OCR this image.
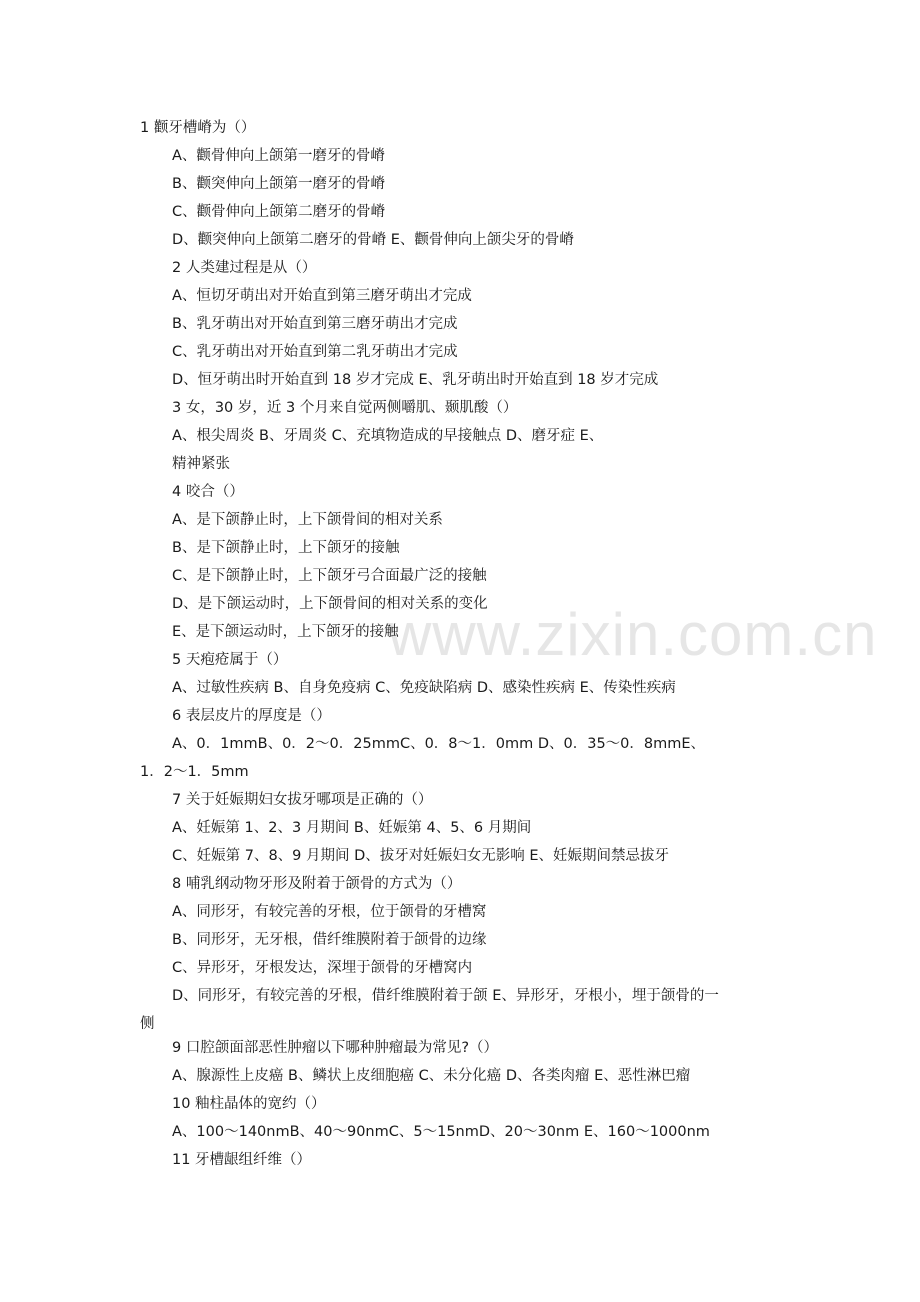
www.zixin.com.cn
1 颧牙槽嵴为（）
A、颧骨伸向上颌第一磨牙的骨嵴
B、颧突伸向上颌第一磨牙的骨嵴
C、颧骨伸向上颌第二磨牙的骨嵴
D、颧突伸向上颌第二磨牙的骨嵴 E、颧骨伸向上颌尖牙的骨嵴
2 人类建过程是从（）
A、恒切牙萌出对开始直到第三磨牙萌出才完成
B、乳牙萌出对开始直到第三磨牙萌出才完成
C、乳牙萌出对开始直到第二乳牙萌出才完成
D、恒牙萌出时开始直到 18 岁才完成 E、乳牙萌出时开始直到 18 岁才完成
3 女，30 岁，近 3 个月来自觉两侧嚼肌、颞肌酸（）
A、根尖周炎 B、牙周炎 C、充填物造成的早接触点 D、磨牙症 E、
精神紧张
4 咬合（）
A、是下颌静止时，上下颌骨间的相对关系
B、是下颌静止时，上下颌牙的接触
C、是下颌静止时，上下颌牙弓合面最广泛的接触
D、是下颌运动时，上下颌骨间的相对关系的变化
E、是下颌运动时，上下颌牙的接触
5 天疱疮属于（）
A、过敏性疾病 B、自身免疫病 C、免疫缺陷病 D、感染性疾病 E、传染性疾病
6 表层皮片的厚度是（）
A、0．1mmB、0．2～0．25mmC、0．8～1．0mm D、0．35～0．8mmE、
1．2～1．5mm
7 关于妊娠期妇女拔牙哪项是正确的（）
A、妊娠第 1、2、3 月期间 B、妊娠第 4、5、6 月期间
C、妊娠第 7、8、9 月期间 D、拔牙对妊娠妇女无影响 E、妊娠期间禁忌拔牙
8 哺乳纲动物牙形及附着于颌骨的方式为（）
A、同形牙，有较完善的牙根，位于颌骨的牙槽窝
B、同形牙，无牙根，借纤维膜附着于颌骨的边缘
C、异形牙，牙根发达，深埋于颌骨的牙槽窝内
D、同形牙，有较完善的牙根，借纤维膜附着于颌 E、异形牙，牙根小，埋于颌骨的一
侧
9 口腔颌面部恶性肿瘤以下哪种肿瘤最为常见?（）
A、腺源性上皮癌 B、鳞状上皮细胞癌 C、未分化癌 D、各类肉瘤 E、恶性淋巴瘤
10 釉柱晶体的宽约（）
A、100～140nmB、40～90nmC、5～15nmD、20～30nm E、160～1000nm
11 牙槽龈组纤维（）
